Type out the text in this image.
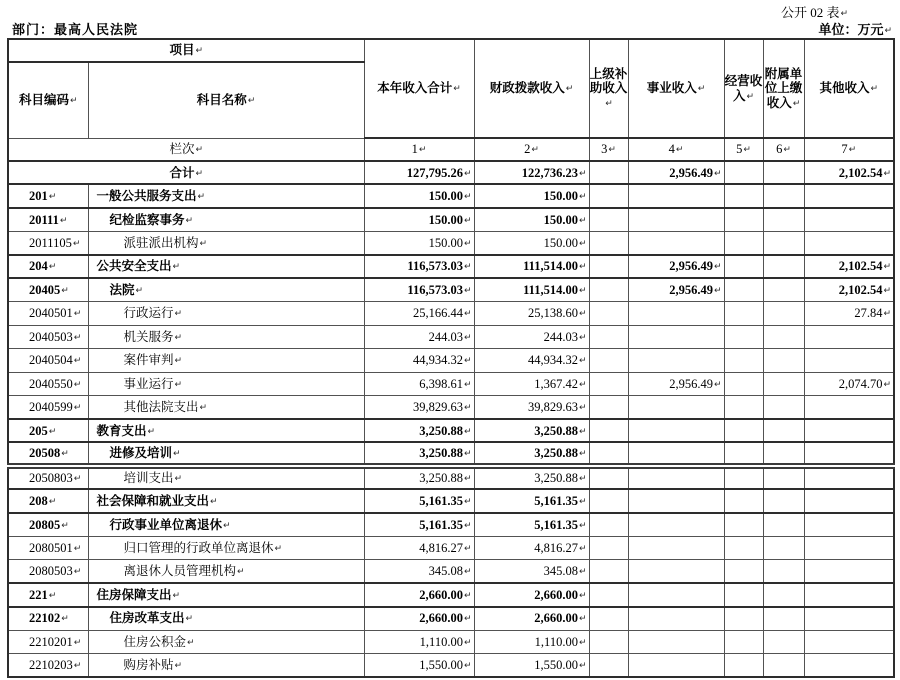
公开 02 表↵
部门：最高人民法院	单位：万元↵
项目↵		本年收入合计↵	财政拨款收入↵	上级补助收入↵	事业收入↵	经营收入↵	附属单位上缴收入↵	其他收入↵
科目编码↵	科目名称↵							
栏次↵		1↵	2↵	3↵	4↵	5↵	6↵	7↵
合计↵		127,795.26↵	122,736.23↵		2,956.49↵			2,102.54↵
201↵	一般公共服务支出↵	150.00↵	150.00↵					
20111↵	纪检监察事务↵	150.00↵	150.00↵					
2011105↵	派驻派出机构↵	150.00↵	150.00↵					
204↵	公共安全支出↵	116,573.03↵	111,514.00↵		2,956.49↵			2,102.54↵
20405↵	法院↵	116,573.03↵	111,514.00↵		2,956.49↵			2,102.54↵
2040501↵	行政运行↵	25,166.44↵	25,138.60↵					27.84↵
2040503↵	机关服务↵	244.03↵	244.03↵					
2040504↵	案件审判↵	44,934.32↵	44,934.32↵					
2040550↵	事业运行↵	6,398.61↵	1,367.42↵		2,956.49↵			2,074.70↵
2040599↵	其他法院支出↵	39,829.63↵	39,829.63↵					
205↵	教育支出↵	3,250.88↵	3,250.88↵					
20508↵	进修及培训↵	3,250.88↵	3,250.88↵					
2050803↵	培训支出↵	3,250.88↵	3,250.88↵					
208↵	社会保障和就业支出↵	5,161.35↵	5,161.35↵					
20805↵	行政事业单位离退休↵	5,161.35↵	5,161.35↵					
2080501↵	归口管理的行政单位离退休↵	4,816.27↵	4,816.27↵					
2080503↵	离退休人员管理机构↵	345.08↵	345.08↵					
221↵	住房保障支出↵	2,660.00↵	2,660.00↵					
22102↵	住房改革支出↵	2,660.00↵	2,660.00↵					
2210201↵	住房公积金↵	1,110.00↵	1,110.00↵					
2210203↵	购房补贴↵	1,550.00↵	1,550.00↵					
